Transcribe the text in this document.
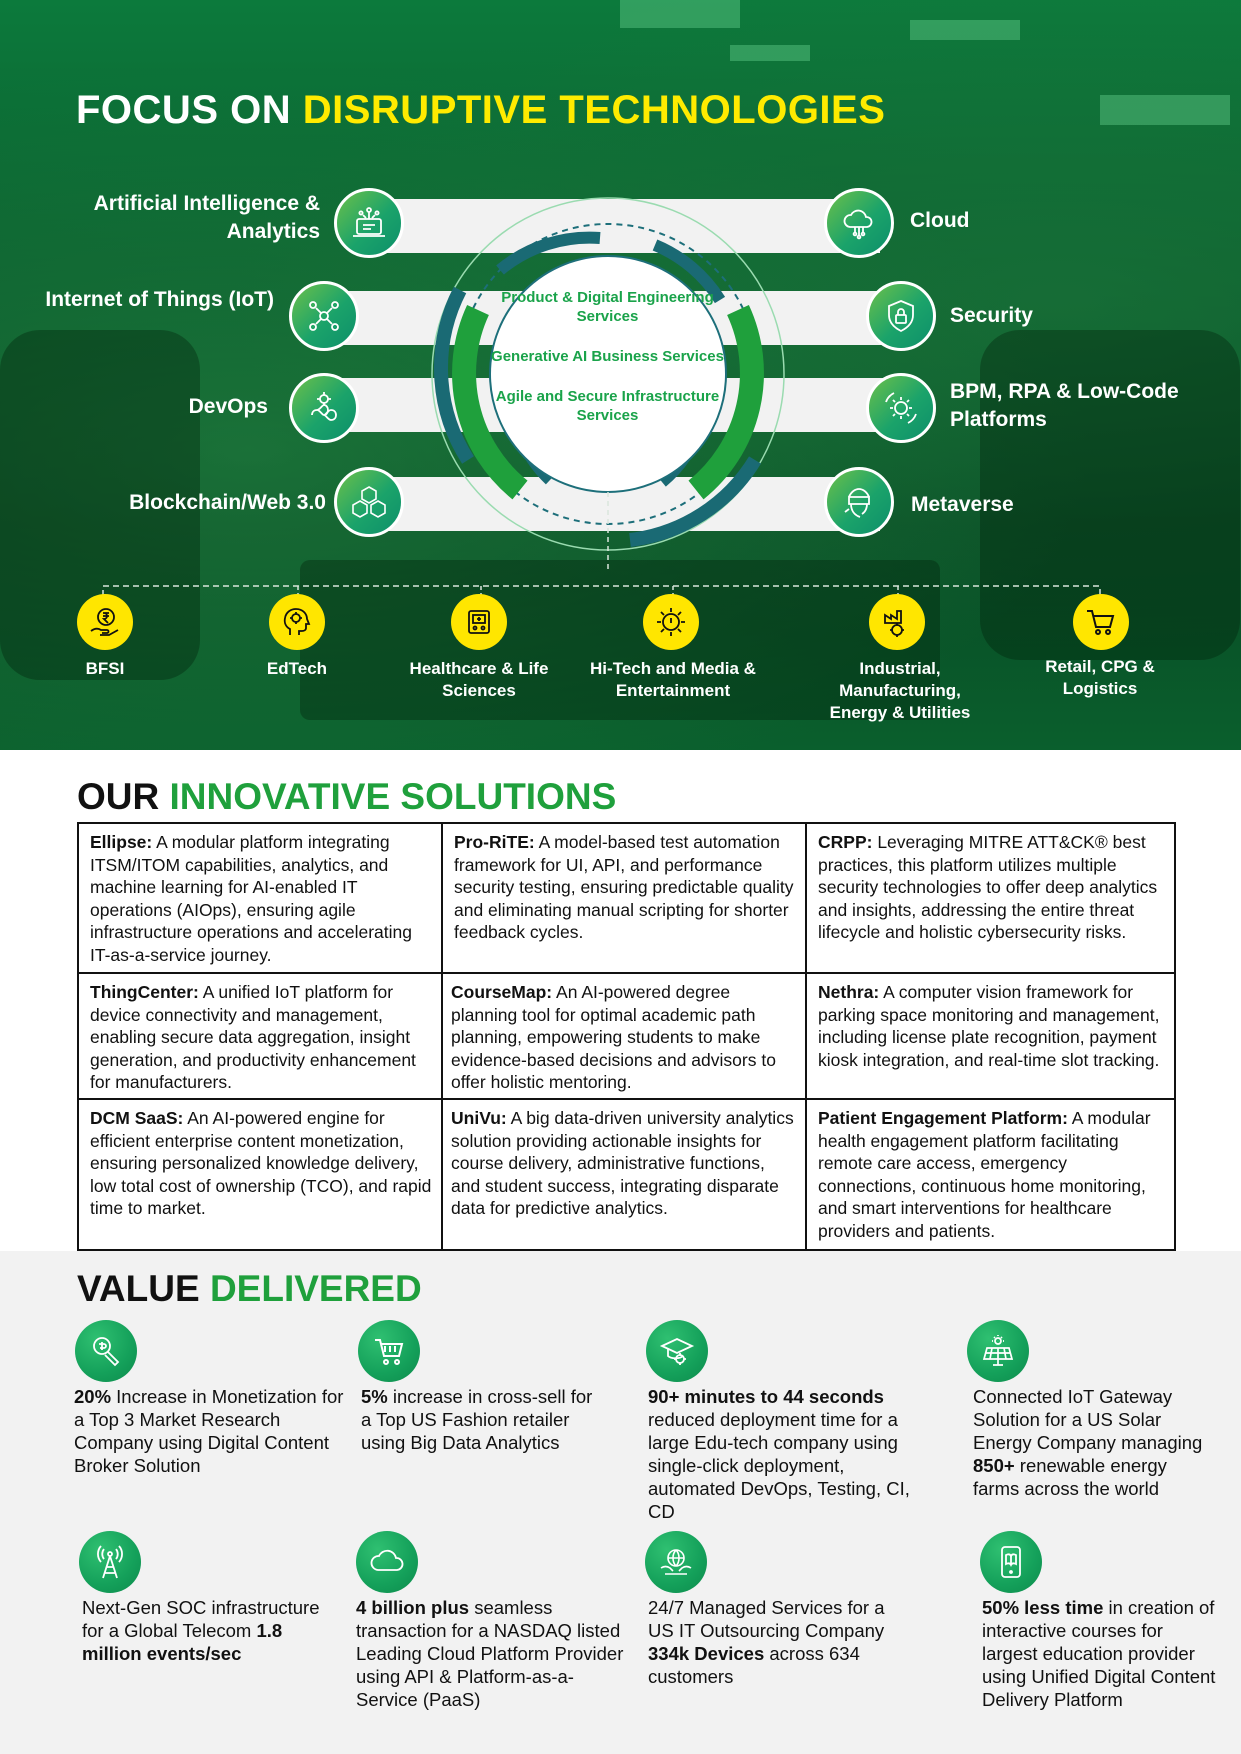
FOCUS ON DISRUPTIVE TECHNOLOGIES
Product & Digital Engineering Services
Generative AI Business Services
Agile and Secure Infrastructure Services
Artificial Intelligence & Analytics
Internet of Things (IoT)
DevOps
Blockchain/Web 3.0
Cloud
Security
BPM, RPA & Low-Code Platforms
Metaverse
BFSI	EdTech	Healthcare & Life Sciences
Hi-Tech and Media & Entertainment
Industrial, Manufacturing, Energy & Utilities
Retail, CPG & Logistics
OUR INNOVATIVE SOLUTIONS
Ellipse: A modular platform integrating ITSM/ITOM capabilities, analytics, and machine learning for AI-enabled IT operations (AIOps), ensuring agile infrastructure operations and accelerating IT-as-a-service journey.
Pro-RiTE: A model-based test automation framework for UI, API, and performance security testing, ensuring predictable quality and eliminating manual scripting for shorter feedback cycles.
CRPP: Leveraging MITRE ATT&CK® best practices, this platform utilizes multiple security technologies to offer deep analytics and insights, addressing the entire threat lifecycle and holistic cybersecurity risks.
ThingCenter: A unified IoT platform for device connectivity and management, enabling secure data aggregation, insight generation, and productivity enhancement for manufacturers.
CourseMap: An AI-powered degree planning tool for optimal academic path planning, empowering students to make evidence-based decisions and advisors to offer holistic mentoring.
Nethra: A computer vision framework for parking space monitoring and management, including license plate recognition, payment kiosk integration, and real-time slot tracking.
DCM SaaS: An AI-powered engine for efficient enterprise content monetization, ensuring personalized knowledge delivery, low total cost of ownership (TCO), and rapid time to market.
UniVu: A big data-driven university analytics solution providing actionable insights for course delivery, administrative functions, and student success, integrating disparate data for predictive analytics.
Patient Engagement Platform: A modular health engagement platform facilitating remote care access, emergency connections, continuous home monitoring, and smart interventions for healthcare providers and patients.
VALUE DELIVERED
20% Increase in Monetization for a Top 3 Market Research Company using Digital Content Broker Solution
5% increase in cross-sell for a Top US Fashion retailer using Big Data Analytics
90+ minutes to 44 seconds reduced deployment time for a large Edu-tech company using single-click deployment, automated DevOps, Testing, CI, CD
Connected IoT Gateway Solution for a US Solar Energy Company managing 850+ renewable energy farms across the world
Next-Gen SOC infrastructure for a Global Telecom 1.8 million events/sec
4 billion plus seamless transaction for a NASDAQ listed Leading Cloud Platform Provider using API & Platform-as-a-Service (PaaS)
24/7 Managed Services for a US IT Outsourcing Company 334k Devices across 634 customers
50% less time in creation of interactive courses for largest education provider using Unified Digital Content Delivery Platform
